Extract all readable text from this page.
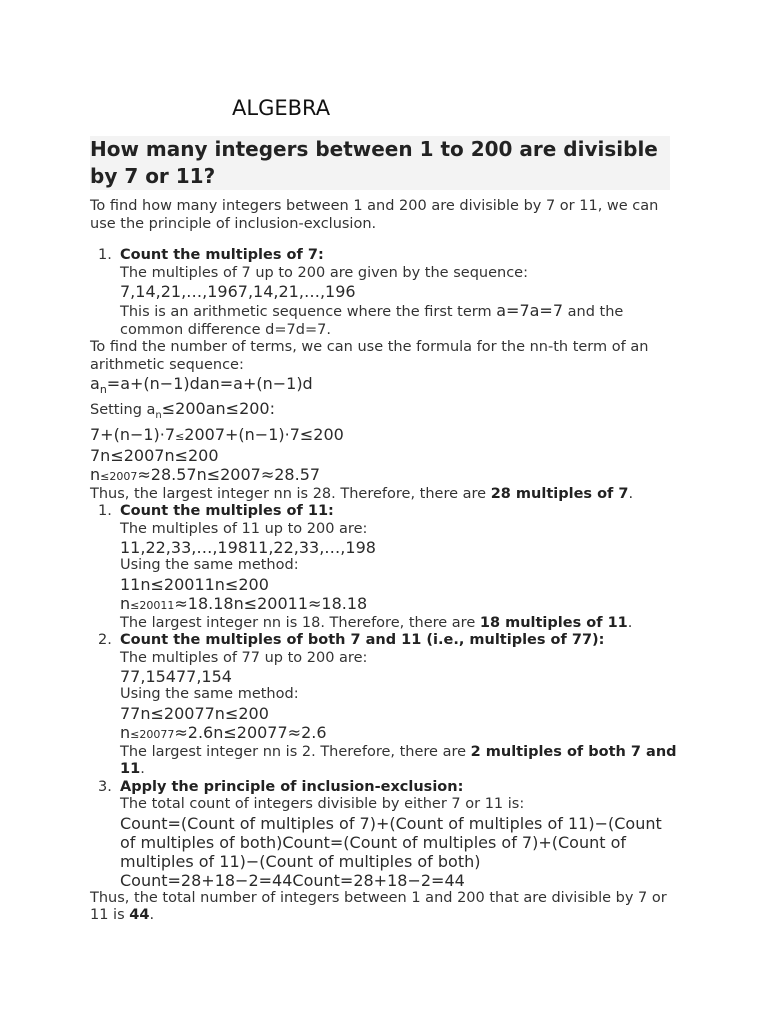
ALGEBRA
How many integers between 1 to 200 are divisible by 7 or 11?

To find how many integers between 1 and 200 are divisible by 7 or 11, we can use the principle of inclusion-exclusion.

1. Count the multiples of 7:
The multiples of 7 up to 200 are given by the sequence:
7,14,21,…,1967,14,21,…,196
This is an arithmetic sequence where the first term a=7a=7 and the common difference d=7d=7.

To find the number of terms, we can use the formula for the nn-th term of an arithmetic sequence:

$a_n=a+(n-1)dan=a+(n-1)d$
Setting $a_n\le 200an\le 200$:
7+(n−1)·7≤2007+(n−1)·7≤200
7n≤2007n≤200
n≤2007≈28.57n≤2007≈28.57

Thus, the largest integer nn is 28. Therefore, there are 28 multiples of 7.

1. Count the multiples of 11:
The multiples of 11 up to 200 are:
11,22,33,…,19811,22,33,…,198
Using the same method:
11n≤20011n≤200
n≤20011≈18.18n≤20011≈18.18
The largest integer nn is 18. Therefore, there are 18 multiples of 11.
2. Count the multiples of both 7 and 11 (i.e., multiples of 77):
The multiples of 77 up to 200 are:
77,15477,154
Using the same method:
77n≤20077n≤200
n≤20077≈2.6n≤20077≈2.6
The largest integer nn is 2. Therefore, there are 2 multiples of both 7 and 11.
3. Apply the principle of inclusion-exclusion:
The total count of integers divisible by either 7 or 11 is:
Count=(Count of multiples of 7)+(Count of multiples of 11)−(Count of multiples of both)Count=(Count of multiples of 7)+(Count of multiples of 11)−(Count of multiples of both)
Count=28+18−2=44Count=28+18−2=44

Thus, the total number of integers between 1 and 200 that are divisible by 7 or 11 is 44.
